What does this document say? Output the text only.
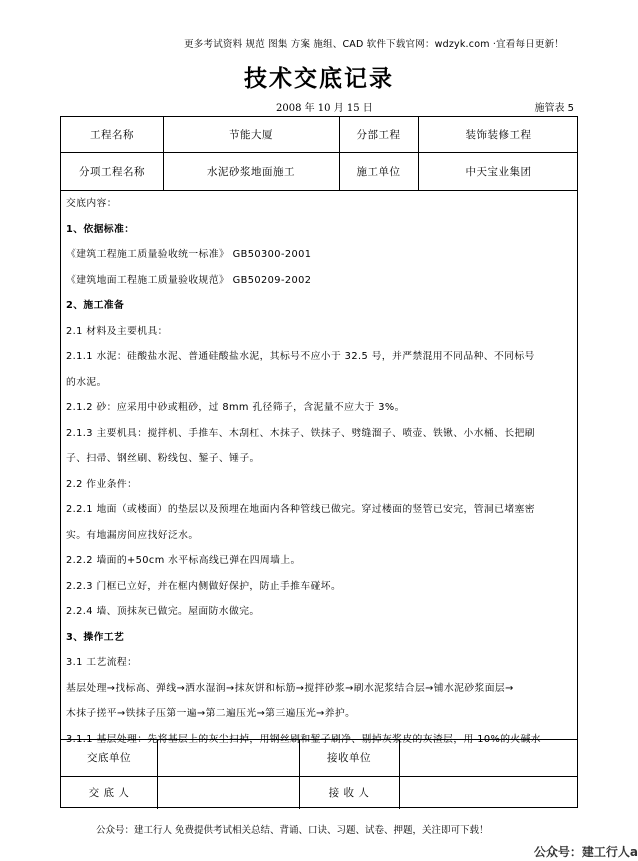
更多考试资料 规范 图集 方案 施组、CAD 软件下载官网：wdzyk.com ·宜看每日更新！
技术交底记录
2008 年 10 月 15 日	施管表 5
工程名称	节能大厦	分部工程	装饰装修工程
分项工程名称	水泥砂浆地面施工	施工单位	中天宝业集团

交底内容：

1、依据标准：

《建筑工程施工质量验收统一标准》 GB50300-2001

《建筑地面工程施工质量验收规范》 GB50209-2002

2、施工准备

2.1 材料及主要机具：

2.1.1 水泥：硅酸盐水泥、普通硅酸盐水泥，其标号不应小于 32.5 号，并严禁混用不同品种、不同标号

的水泥。

2.1.2 砂：应采用中砂或粗砂，过 8mm 孔径筛子，含泥量不应大于 3%。

2.1.3 主要机具：搅拌机、手推车、木刮杠、木抹子、铁抹子、劈缝溜子、喷壶、铁锹、小水桶、长把刷

子、扫帚、钢丝刷、粉线包、錾子、锤子。

2.2 作业条件：

2.2.1 地面（或楼面）的垫层以及预埋在地面内各种管线已做完。穿过楼面的竖管已安完，管洞已堵塞密

实。有地漏房间应找好泛水。

2.2.2 墙面的+50cm 水平标高线已弹在四周墙上。

2.2.3 门框已立好，并在框内侧做好保护，防止手推车碰坏。

2.2.4 墙、顶抹灰已做完。屋面防水做完。

3、操作工艺

3.1 工艺流程：

基层处理→找标高、弹线→洒水湿润→抹灰饼和标筋→搅拌砂浆→刷水泥浆结合层→铺水泥砂浆面层→

木抹子搓平→铁抹子压第一遍→第二遍压光→第三遍压光→养护。

3.1.1 基层处理：先将基层上的灰尘扫掉，用钢丝刷和錾子刷净、剔掉灰浆皮的灰渣层，用 10%的火碱水

交底单位	接收单位
交 底 人	接 收 人
公众号：建工行人 免费提供考试相关总结、背诵、口诀、习题、试卷、押题，关注即可下载！
公众号：建工行人a
